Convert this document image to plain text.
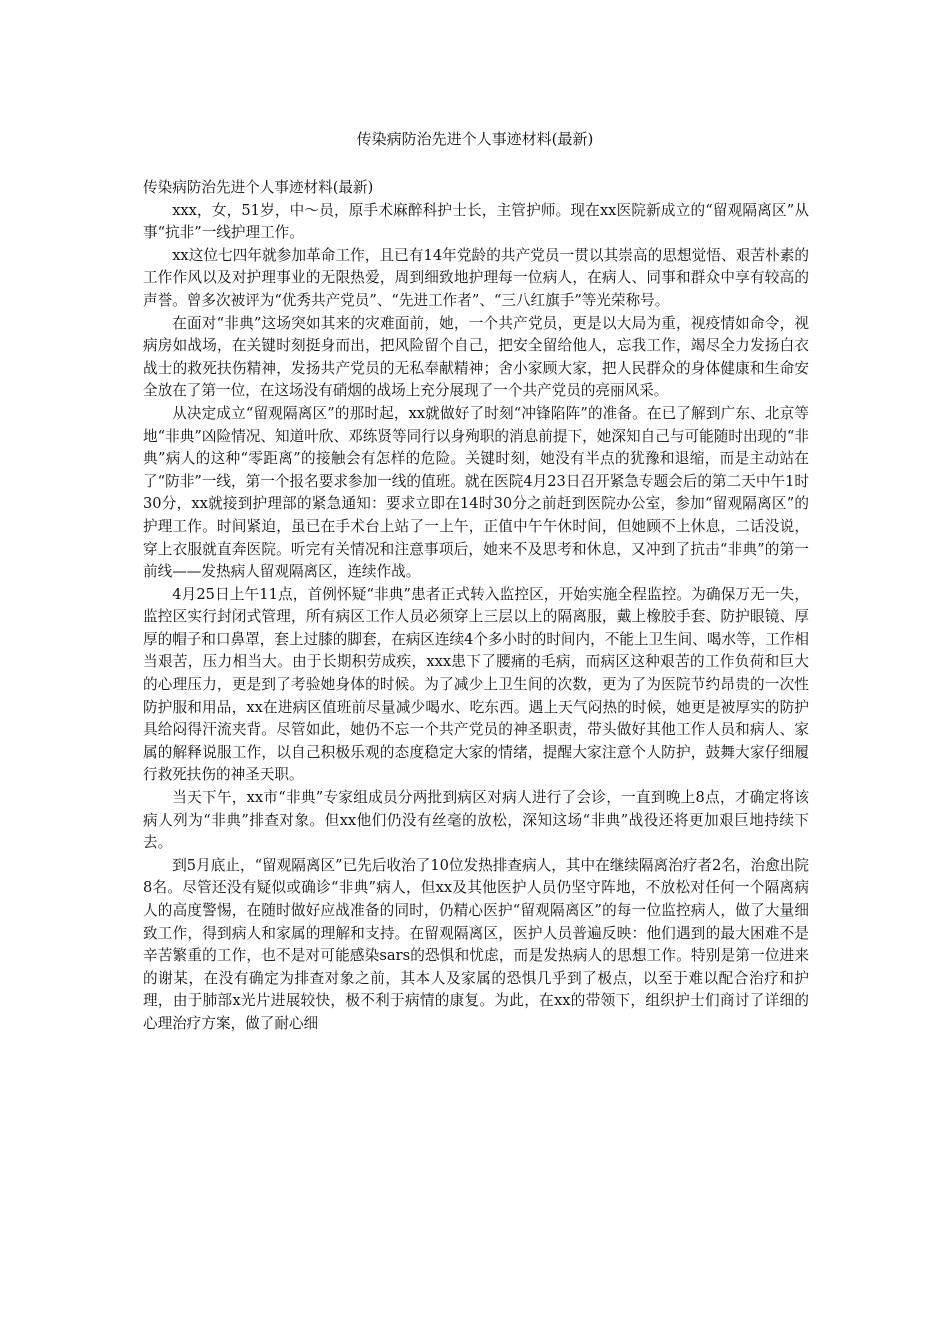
传染病防治先进个人事迹材料(最新)

传染病防治先进个人事迹材料(最新)

xxx，女，51岁，中～员，原手术麻醉科护士长，主管护师。现在xx医院新成立的“留观隔离区”从事“抗非”一线护理工作。

xx这位七四年就参加革命工作，且已有14年党龄的共产党员一贯以其崇高的思想觉悟、艰苦朴素的工作作风以及对护理事业的无限热爱，周到细致地护理每一位病人，在病人、同事和群众中享有较高的声誉。曾多次被评为“优秀共产党员”、“先进工作者”、“三八红旗手”等光荣称号。

在面对“非典”这场突如其来的灾难面前，她，一个共产党员，更是以大局为重，视疫情如命令，视病房如战场，在关键时刻挺身而出，把风险留个自己，把安全留给他人，忘我工作，竭尽全力发扬白衣战士的救死扶伤精神，发扬共产党员的无私奉献精神；舍小家顾大家，把人民群众的身体健康和生命安全放在了第一位，在这场没有硝烟的战场上充分展现了一个共产党员的亮丽风采。

从决定成立“留观隔离区”的那时起，xx就做好了时刻“冲锋陷阵”的准备。在已了解到广东、北京等地“非典”凶险情况、知道叶欣、邓练贤等同行以身殉职的消息前提下，她深知自己与可能随时出现的“非典”病人的这种“零距离”的接触会有怎样的危险。关键时刻，她没有半点的犹豫和退缩，而是主动站在了“防非”一线，第一个报名要求参加一线的值班。就在医院4月23日召开紧急专题会后的第二天中午1时30分，xx就接到护理部的紧急通知：要求立即在14时30分之前赶到医院办公室，参加“留观隔离区”的护理工作。时间紧迫，虽已在手术台上站了一上午，正值中午午休时间，但她顾不上休息，二话没说，穿上衣服就直奔医院。听完有关情况和注意事项后，她来不及思考和休息，又冲到了抗击“非典”的第一前线——发热病人留观隔离区，连续作战。

4月25日上午11点，首例怀疑“非典”患者正式转入监控区，开始实施全程监控。为确保万无一失，监控区实行封闭式管理，所有病区工作人员必须穿上三层以上的隔离服，戴上橡胶手套、防护眼镜、厚厚的帽子和口鼻罩，套上过膝的脚套，在病区连续4个多小时的时间内，不能上卫生间、喝水等，工作相当艰苦，压力相当大。由于长期积劳成疾，xxx患下了腰痛的毛病，而病区这种艰苦的工作负荷和巨大的心理压力，更是到了考验她身体的时候。为了减少上卫生间的次数，更为了为医院节约昂贵的一次性防护服和用品，xx在进病区值班前尽量减少喝水、吃东西。遇上天气闷热的时候，她更是被厚实的防护具给闷得汗流夹背。尽管如此，她仍不忘一个共产党员的神圣职责，带头做好其他工作人员和病人、家属的解释说服工作，以自己积极乐观的态度稳定大家的情绪，提醒大家注意个人防护，鼓舞大家仔细履行救死扶伤的神圣天职。

当天下午，xx市“非典”专家组成员分两批到病区对病人进行了会诊，一直到晚上8点，才确定将该病人列为“非典”排查对象。但xx他们仍没有丝毫的放松，深知这场“非典”战役还将更加艰巨地持续下去。

到5月底止，“留观隔离区”已先后收治了10位发热排查病人，其中在继续隔离治疗者2名，治愈出院8名。尽管还没有疑似或确诊“非典”病人，但xx及其他医护人员仍坚守阵地，不放松对任何一个隔离病人的高度警惕，在随时做好应战准备的同时，仍精心医护“留观隔离区”的每一位监控病人，做了大量细致工作，得到病人和家属的理解和支持。在留观隔离区，医护人员普遍反映：他们遇到的最大困难不是辛苦繁重的工作，也不是对可能感染sars的恐惧和忧虑，而是发热病人的思想工作。特别是第一位进来的谢某，在没有确定为排查对象之前，其本人及家属的恐惧几乎到了极点，以至于难以配合治疗和护理，由于肺部x光片进展较快，极不利于病情的康复。为此，在xx的带领下，组织护士们商讨了详细的心理治疗方案，做了耐心细
